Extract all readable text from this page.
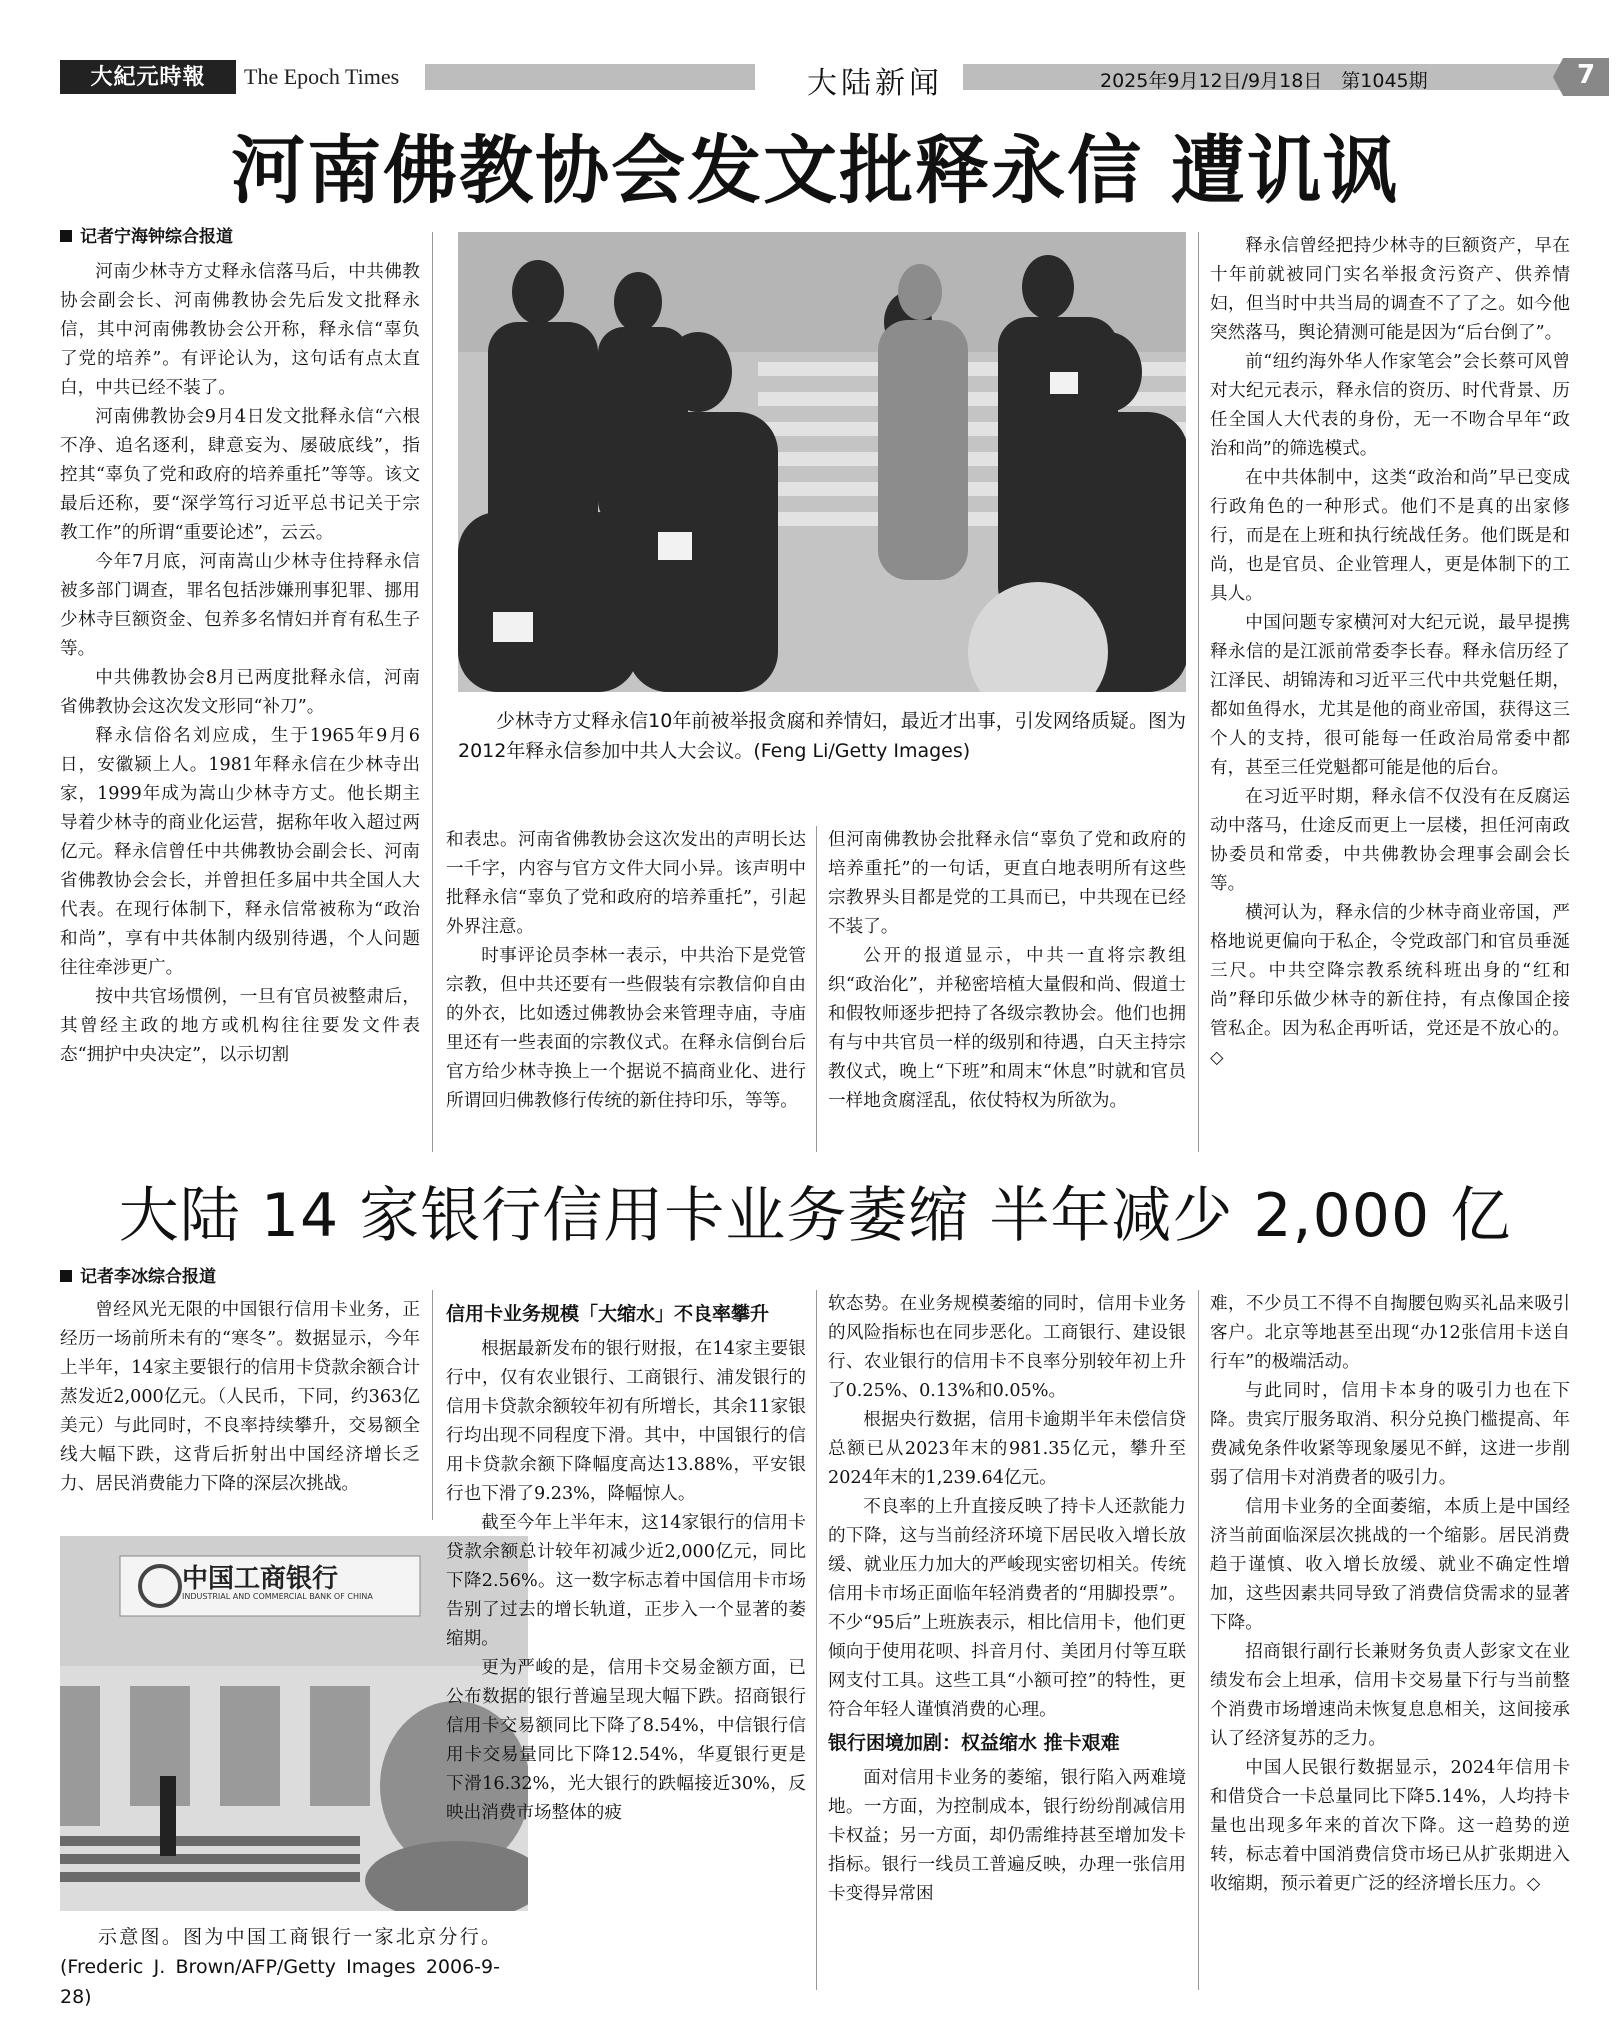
大紀元時報	The Epoch Times	大陆新闻	2025年9月12日/9月18日　第1045期	7
河南佛教协会发文批释永信 遭讥讽
记者宁海钟综合报道

河南少林寺方丈释永信落马后，中共佛教协会副会长、河南佛教协会先后发文批释永信，其中河南佛教协会公开称，释永信“辜负了党的培养”。有评论认为，这句话有点太直白，中共已经不装了。

河南佛教协会9月4日发文批释永信“六根不净、追名逐利，肆意妄为、屡破底线”，指控其“辜负了党和政府的培养重托”等等。该文最后还称，要“深学笃行习近平总书记关于宗教工作”的所谓“重要论述”，云云。

今年7月底，河南嵩山少林寺住持释永信被多部门调查，罪名包括涉嫌刑事犯罪、挪用少林寺巨额资金、包养多名情妇并育有私生子等。

中共佛教协会8月已两度批释永信，河南省佛教协会这次发文形同“补刀”。

释永信俗名刘应成，生于1965年9月6日，安徽颍上人。1981年释永信在少林寺出家，1999年成为嵩山少林寺方丈。他长期主导着少林寺的商业化运营，据称年收入超过两亿元。释永信曾任中共佛教协会副会长、河南省佛教协会会长，并曾担任多届中共全国人大代表。在现行体制下，释永信常被称为“政治和尚”，享有中共体制内级别待遇，个人问题往往牵涉更广。

按中共官场惯例，一旦有官员被整肃后，其曾经主政的地方或机构往往要发文件表态“拥护中央决定”，以示切割

少林寺方丈释永信10年前被举报贪腐和养情妇，最近才出事，引发网络质疑。图为2012年释永信参加中共人大会议。(Feng Li/Getty Images)

和表忠。河南省佛教协会这次发出的声明长达一千字，内容与官方文件大同小异。该声明中批释永信“辜负了党和政府的培养重托”，引起外界注意。

时事评论员李林一表示，中共治下是党管宗教，但中共还要有一些假装有宗教信仰自由的外衣，比如透过佛教协会来管理寺庙，寺庙里还有一些表面的宗教仪式。在释永信倒台后官方给少林寺换上一个据说不搞商业化、进行所谓回归佛教修行传统的新住持印乐，等等。

但河南佛教协会批释永信“辜负了党和政府的培养重托”的一句话，更直白地表明所有这些宗教界头目都是党的工具而已，中共现在已经不装了。

公开的报道显示，中共一直将宗教组织“政治化”，并秘密培植大量假和尚、假道士和假牧师逐步把持了各级宗教协会。他们也拥有与中共官员一样的级别和待遇，白天主持宗教仪式，晚上“下班”和周末“休息”时就和官员一样地贪腐淫乱，依仗特权为所欲为。

释永信曾经把持少林寺的巨额资产，早在十年前就被同门实名举报贪污资产、供养情妇，但当时中共当局的调查不了了之。如今他突然落马，舆论猜测可能是因为“后台倒了”。

前“纽约海外华人作家笔会”会长蔡可风曾对大纪元表示，释永信的资历、时代背景、历任全国人大代表的身份，无一不吻合早年“政治和尚”的筛选模式。

在中共体制中，这类“政治和尚”早已变成行政角色的一种形式。他们不是真的出家修行，而是在上班和执行统战任务。他们既是和尚，也是官员、企业管理人，更是体制下的工具人。

中国问题专家横河对大纪元说，最早提携释永信的是江派前常委李长春。释永信历经了江泽民、胡锦涛和习近平三代中共党魁任期，都如鱼得水，尤其是他的商业帝国，获得这三个人的支持，很可能每一任政治局常委中都有，甚至三任党魁都可能是他的后台。

在习近平时期，释永信不仅没有在反腐运动中落马，仕途反而更上一层楼，担任河南政协委员和常委，中共佛教协会理事会副会长等。

横河认为，释永信的少林寺商业帝国，严格地说更偏向于私企，令党政部门和官员垂涎三尺。中共空降宗教系统科班出身的“红和尚”释印乐做少林寺的新住持，有点像国企接管私企。因为私企再听话，党还是不放心的。◇

大陆 14 家银行信用卡业务萎缩 半年减少 2,000 亿
记者李冰综合报道

曾经风光无限的中国银行信用卡业务，正经历一场前所未有的“寒冬”。数据显示，今年上半年，14家主要银行的信用卡贷款余额合计蒸发近2,000亿元。（人民币，下同，约363亿美元）与此同时，不良率持续攀升，交易额全线大幅下跌，这背后折射出中国经济增长乏力、居民消费能力下降的深层次挑战。

中国工商银行
INDUSTRIAL AND COMMERCIAL BANK OF CHINA
示意图。图为中国工商银行一家北京分行。(Frederic J. Brown/AFP/Getty Images 2006-9-28)

信用卡业务规模「大缩水」不良率攀升

根据最新发布的银行财报，在14家主要银行中，仅有农业银行、工商银行、浦发银行的信用卡贷款余额较年初有所增长，其余11家银行均出现不同程度下滑。其中，中国银行的信用卡贷款余额下降幅度高达13.88%，平安银行也下滑了9.23%，降幅惊人。

截至今年上半年末，这14家银行的信用卡贷款余额总计较年初减少近2,000亿元，同比下降2.56%。这一数字标志着中国信用卡市场告别了过去的增长轨道，正步入一个显著的萎缩期。

更为严峻的是，信用卡交易金额方面，已公布数据的银行普遍呈现大幅下跌。招商银行信用卡交易额同比下降了8.54%，中信银行信用卡交易量同比下降12.54%，华夏银行更是下滑16.32%，光大银行的跌幅接近30%，反映出消费市场整体的疲

软态势。在业务规模萎缩的同时，信用卡业务的风险指标也在同步恶化。工商银行、建设银行、农业银行的信用卡不良率分别较年初上升了0.25%、0.13%和0.05%。

根据央行数据，信用卡逾期半年未偿信贷总额已从2023年末的981.35亿元，攀升至2024年末的1,239.64亿元。

不良率的上升直接反映了持卡人还款能力的下降，这与当前经济环境下居民收入增长放缓、就业压力加大的严峻现实密切相关。传统信用卡市场正面临年轻消费者的“用脚投票”。不少“95后”上班族表示，相比信用卡，他们更倾向于使用花呗、抖音月付、美团月付等互联网支付工具。这些工具“小额可控”的特性，更符合年轻人谨慎消费的心理。

银行困境加剧：权益缩水 推卡艰难

面对信用卡业务的萎缩，银行陷入两难境地。一方面，为控制成本，银行纷纷削减信用卡权益；另一方面，却仍需维持甚至增加发卡指标。银行一线员工普遍反映，办理一张信用卡变得异常困

难，不少员工不得不自掏腰包购买礼品来吸引客户。北京等地甚至出现“办12张信用卡送自行车”的极端活动。

与此同时，信用卡本身的吸引力也在下降。贵宾厅服务取消、积分兑换门槛提高、年费减免条件收紧等现象屡见不鲜，这进一步削弱了信用卡对消费者的吸引力。

信用卡业务的全面萎缩，本质上是中国经济当前面临深层次挑战的一个缩影。居民消费趋于谨慎、收入增长放缓、就业不确定性增加，这些因素共同导致了消费信贷需求的显著下降。

招商银行副行长兼财务负责人彭家文在业绩发布会上坦承，信用卡交易量下行与当前整个消费市场增速尚未恢复息息相关，这间接承认了经济复苏的乏力。

中国人民银行数据显示，2024年信用卡和借贷合一卡总量同比下降5.14%，人均持卡量也出现多年来的首次下降。这一趋势的逆转，标志着中国消费信贷市场已从扩张期进入收缩期，预示着更广泛的经济增长压力。◇
